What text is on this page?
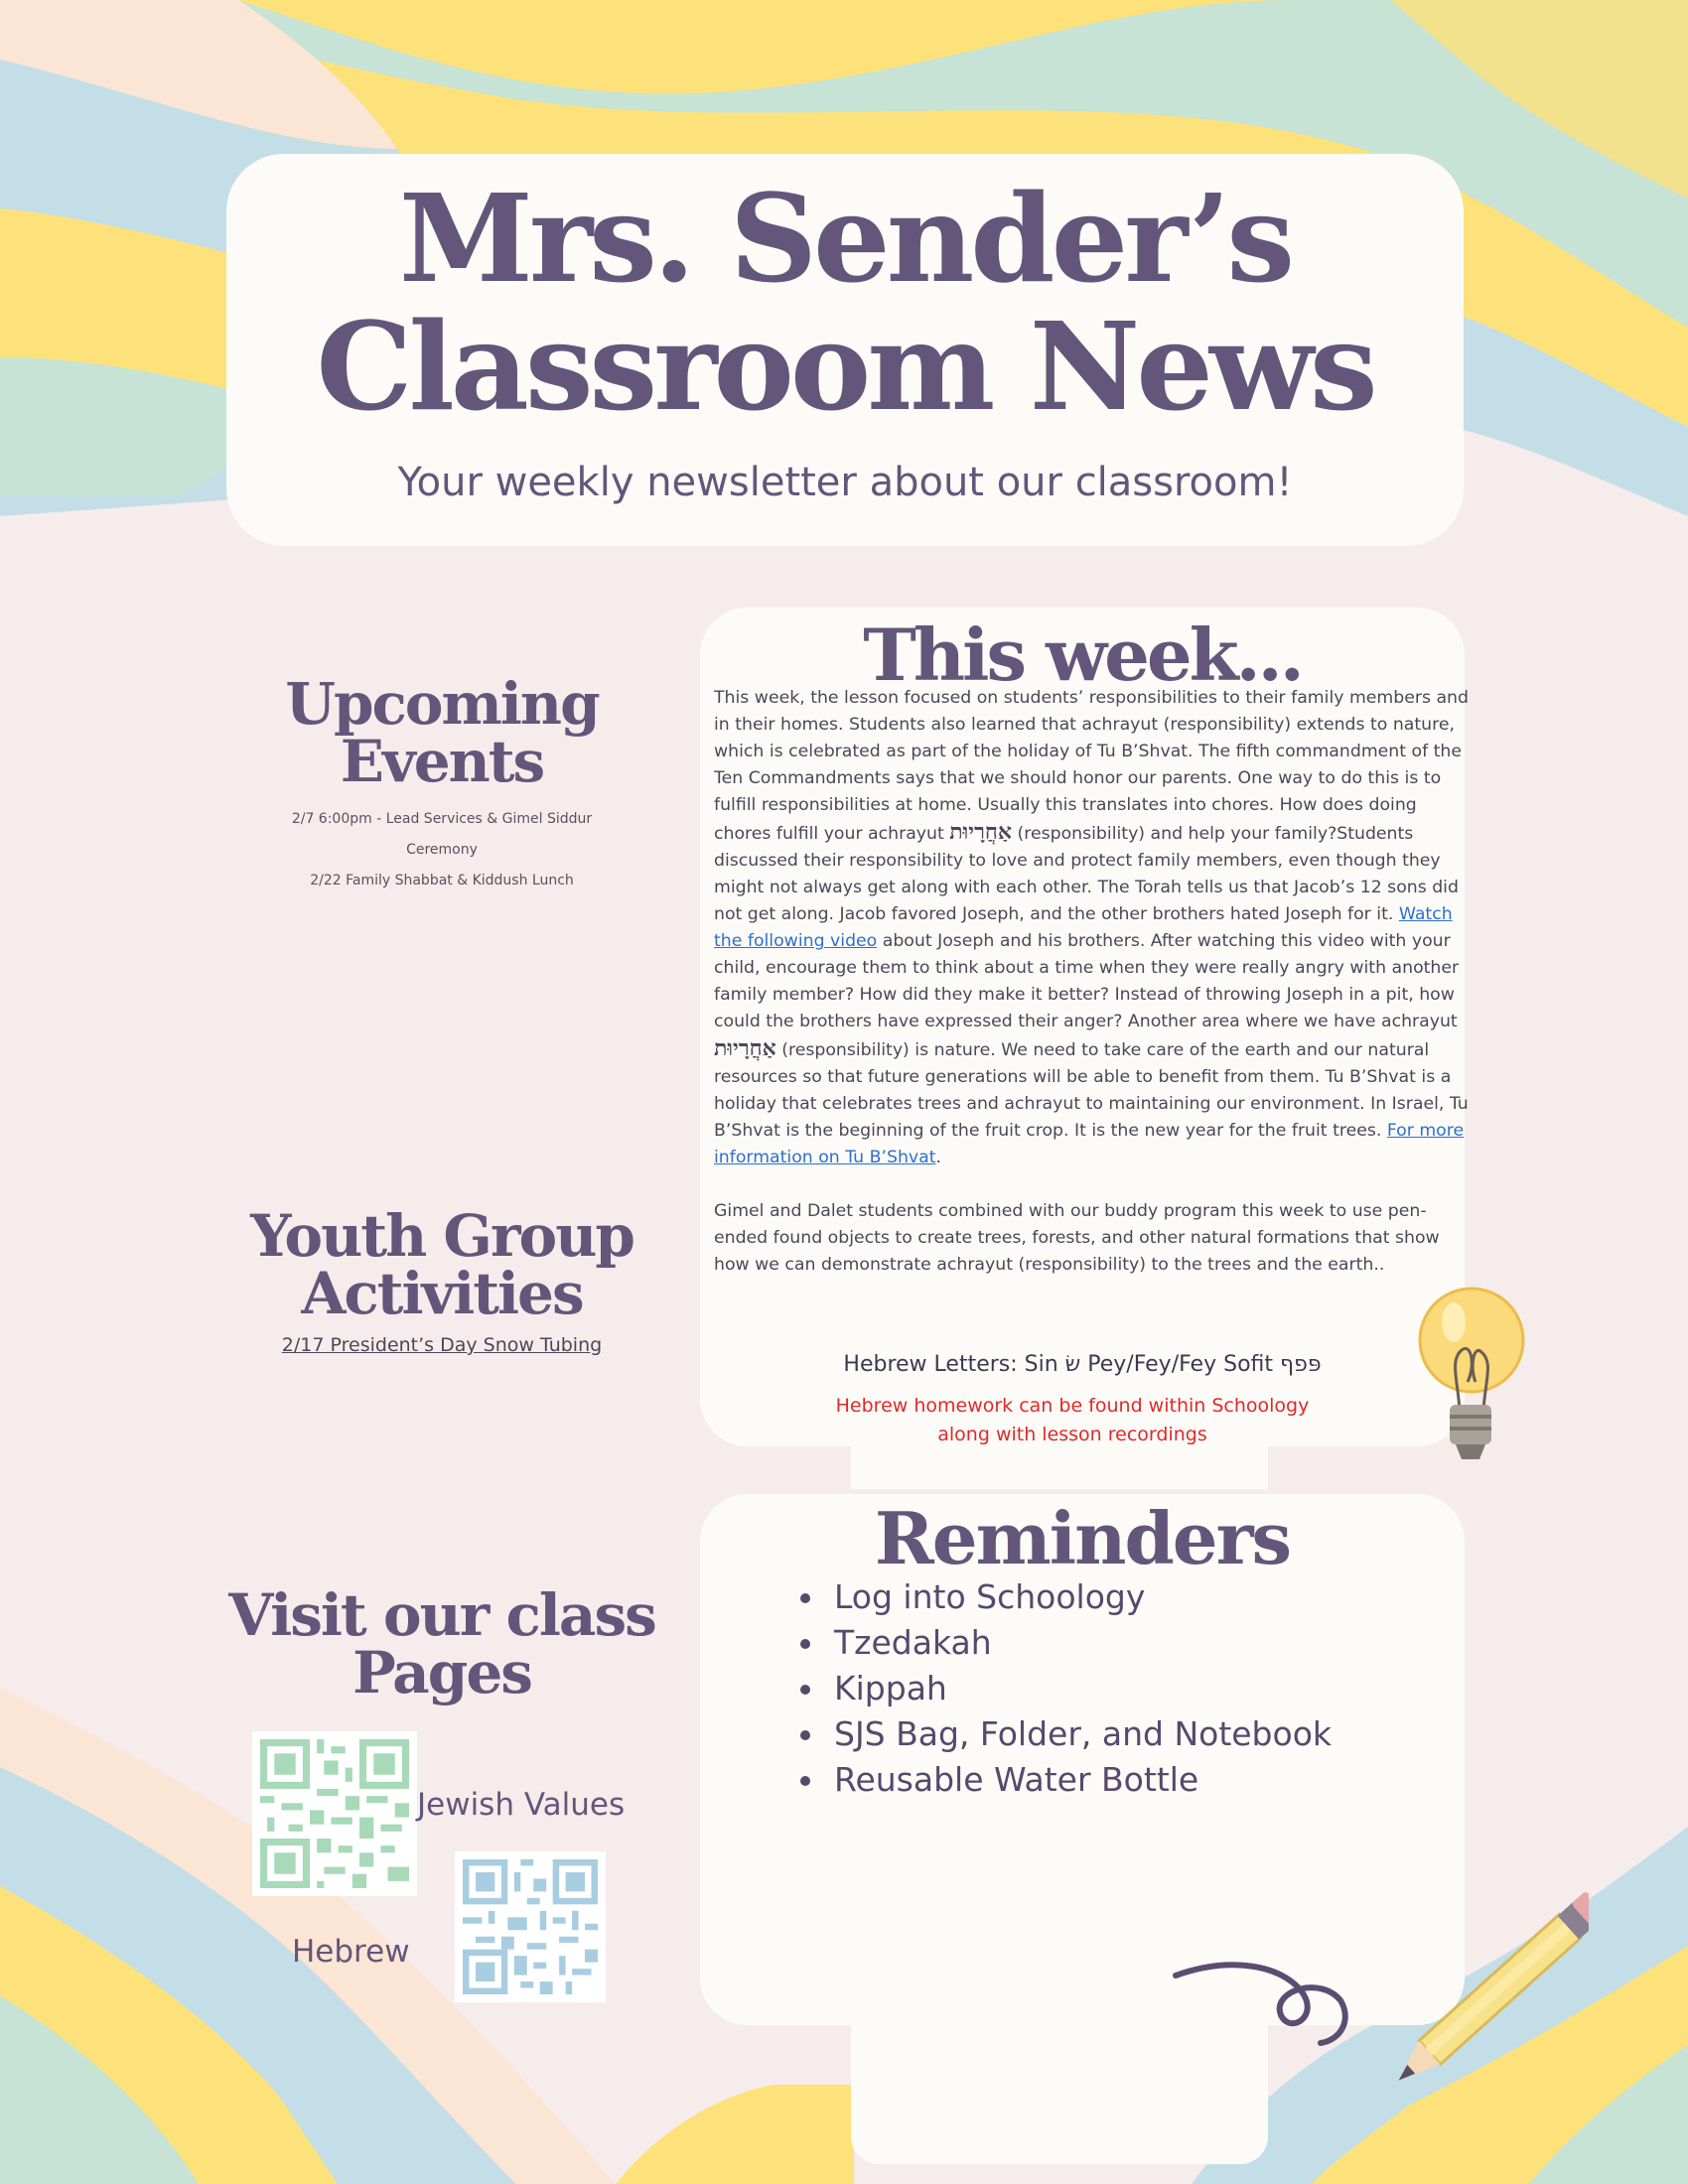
Mrs. Sender’s
Classroom News
Your weekly newsletter about our classroom!
Upcoming
Events
2/7 6:00pm - Lead Services & Gimel Siddur Ceremony
2/22 Family Shabbat & Kiddush Lunch
Youth Group
Activities
2/17 President’s Day Snow Tubing
Visit our class
Pages
Jewish Values
Hebrew
This week...

This week, the lesson focused on students’ responsibilities to their family members and in their homes. Students also learned that achrayut (responsibility) extends to nature, which is celebrated as part of the holiday of Tu B’Shvat. The fifth commandment of the Ten Commandments says that we should honor our parents. One way to do this is to fulfill responsibilities at home. Usually this translates into chores. How does doing chores fulfill your achrayut אַחֲרָיוּת (responsibility) and help your family?Students discussed their responsibility to love and protect family members, even though they might not always get along with each other. The Torah tells us that Jacob’s 12 sons did not get along. Jacob favored Joseph, and the other brothers hated Joseph for it. Watch the following video about Joseph and his brothers. After watching this video with your child, encourage them to think about a time when they were really angry with another family member? How did they make it better? Instead of throwing Joseph in a pit, how could the brothers have expressed their anger? Another area where we have achrayut אַחֲרָיוּת (responsibility) is nature. We need to take care of the earth and our natural resources so that future generations will be able to benefit from them. Tu B’Shvat is a holiday that celebrates trees and achrayut to maintaining our environment. In Israel, Tu B’Shvat is the beginning of the fruit crop. It is the new year for the fruit trees. For more information on Tu B’Shvat.

Gimel and Dalet students combined with our buddy program this week to use pen-ended found objects to create trees, forests, and other natural formations that show how we can demonstrate achrayut (responsibility) to the trees and the earth..

Hebrew Letters: Sin שׂ Pey/Fey/Fey Sofit פּפף
Hebrew homework can be found within Schoology
along with lesson recordings
Reminders
Log into Schoology
Tzedakah
Kippah
SJS Bag, Folder, and Notebook
Reusable Water Bottle
